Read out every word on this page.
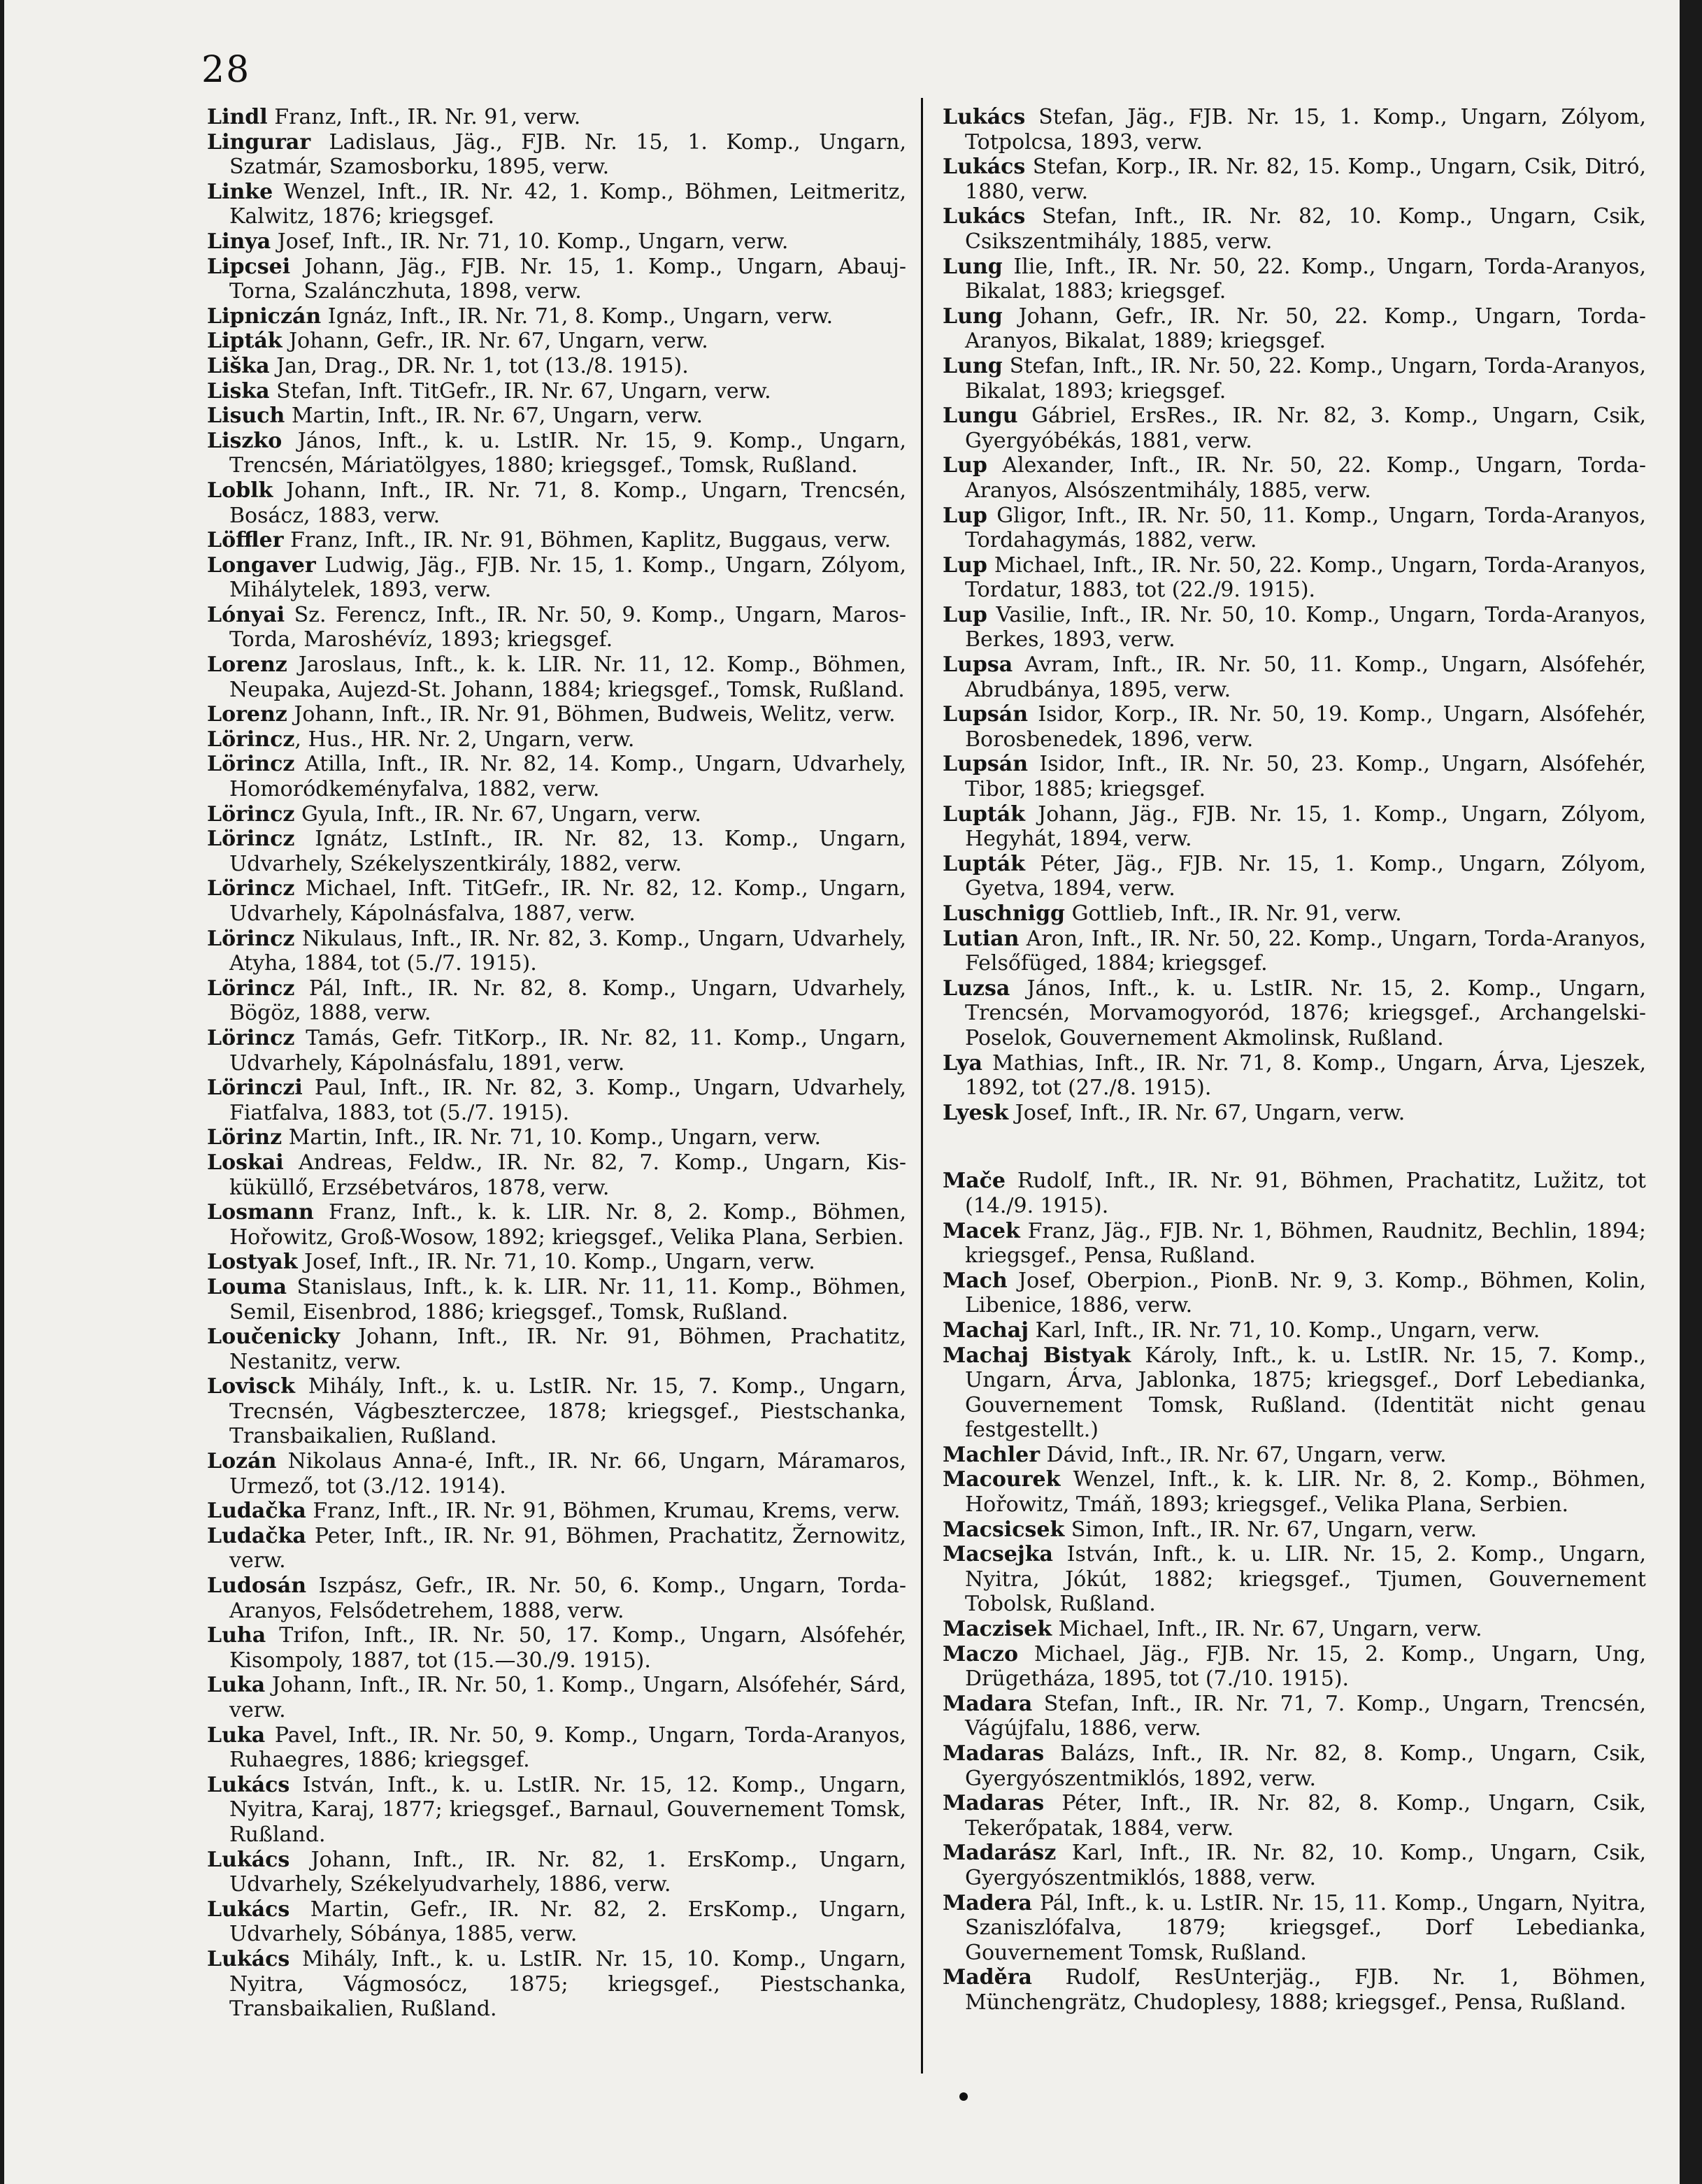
28

Lindl Franz, Inft., IR. Nr. 91, verw.

Lingurar Ladislaus, Jäg., FJB. Nr. 15, 1. Komp., Ungarn, Szatmár, Szamosborku, 1895, verw.

Linke Wenzel, Inft., IR. Nr. 42, 1. Komp., Böhmen, Leitmeritz, Kalwitz, 1876; kriegsgef.

Linya Josef, Inft., IR. Nr. 71, 10. Komp., Ungarn, verw.

Lipcsei Johann, Jäg., FJB. Nr. 15, 1. Komp., Ungarn, Abauj-Torna, Szalánczhuta, 1898, verw.

Lipniczán Ignáz, Inft., IR. Nr. 71, 8. Komp., Ungarn, verw.

Lipták Johann, Gefr., IR. Nr. 67, Ungarn, verw.

Liška Jan, Drag., DR. Nr. 1, tot (13./8. 1915).

Liska Stefan, Inft. TitGefr., IR. Nr. 67, Ungarn, verw.

Lisuch Martin, Inft., IR. Nr. 67, Ungarn, verw.

Liszko János, Inft., k. u. LstIR. Nr. 15, 9. Komp., Ungarn, Trencsén, Máriatölgyes, 1880; kriegsgef., Tomsk, Rußland.

Loblk Johann, Inft., IR. Nr. 71, 8. Komp., Ungarn, Trencsén, Bosácz, 1883, verw.

Löffler Franz, Inft., IR. Nr. 91, Böhmen, Kaplitz, Buggaus, verw.

Longaver Ludwig, Jäg., FJB. Nr. 15, 1. Komp., Ungarn, Zólyom, Mihálytelek, 1893, verw.

Lónyai Sz. Ferencz, Inft., IR. Nr. 50, 9. Komp., Ungarn, Maros-Torda, Maroshévíz, 1893; kriegsgef.

Lorenz Jaroslaus, Inft., k. k. LIR. Nr. 11, 12. Komp., Böhmen, Neupaka, Aujezd-St. Johann, 1884; kriegsgef., Tomsk, Rußland.

Lorenz Johann, Inft., IR. Nr. 91, Böhmen, Budweis, Welitz, verw.

Lörincz, Hus., HR. Nr. 2, Ungarn, verw.

Lörincz Atilla, Inft., IR. Nr. 82, 14. Komp., Ungarn, Udvarhely, Homoródkeményfalva, 1882, verw.

Lörincz Gyula, Inft., IR. Nr. 67, Ungarn, verw.

Lörincz Ignátz, LstInft., IR. Nr. 82, 13. Komp., Ungarn, Udvarhely, Székelyszentkirály, 1882, verw.

Lörincz Michael, Inft. TitGefr., IR. Nr. 82, 12. Komp., Ungarn, Udvarhely, Kápolnásfalva, 1887, verw.

Lörincz Nikulaus, Inft., IR. Nr. 82, 3. Komp., Ungarn, Udvarhely, Atyha, 1884, tot (5./7. 1915).

Lörincz Pál, Inft., IR. Nr. 82, 8. Komp., Ungarn, Udvarhely, Bögöz, 1888, verw.

Lörincz Tamás, Gefr. TitKorp., IR. Nr. 82, 11. Komp., Ungarn, Udvarhely, Kápolnásfalu, 1891, verw.

Lörinczi Paul, Inft., IR. Nr. 82, 3. Komp., Ungarn, Udvarhely, Fiatfalva, 1883, tot (5./7. 1915).

Lörinz Martin, Inft., IR. Nr. 71, 10. Komp., Ungarn, verw.

Loskai Andreas, Feldw., IR. Nr. 82, 7. Komp., Ungarn, Kis-küküllő, Erzsébetváros, 1878, verw.

Losmann Franz, Inft., k. k. LIR. Nr. 8, 2. Komp., Böhmen, Hořowitz, Groß-Wosow, 1892; kriegsgef., Velika Plana, Serbien.

Lostyak Josef, Inft., IR. Nr. 71, 10. Komp., Ungarn, verw.

Louma Stanislaus, Inft., k. k. LIR. Nr. 11, 11. Komp., Böhmen, Semil, Eisenbrod, 1886; kriegsgef., Tomsk, Rußland.

Loučenicky Johann, Inft., IR. Nr. 91, Böhmen, Prachatitz, Nestanitz, verw.

Lovisck Mihály, Inft., k. u. LstIR. Nr. 15, 7. Komp., Ungarn, Trecnsén, Vágbeszterczee, 1878; kriegsgef., Piestschanka, Transbaikalien, Rußland.

Lozán Nikolaus Anna-é, Inft., IR. Nr. 66, Ungarn, Máramaros, Urmező, tot (3./12. 1914).

Ludačka Franz, Inft., IR. Nr. 91, Böhmen, Krumau, Krems, verw.

Ludačka Peter, Inft., IR. Nr. 91, Böhmen, Prachatitz, Žernowitz, verw.

Ludosán Iszpász, Gefr., IR. Nr. 50, 6. Komp., Ungarn, Torda-Aranyos, Felsődetrehem, 1888, verw.

Luha Trifon, Inft., IR. Nr. 50, 17. Komp., Ungarn, Alsófehér, Kisompoly, 1887, tot (15.—30./9. 1915).

Luka Johann, Inft., IR. Nr. 50, 1. Komp., Ungarn, Alsófehér, Sárd, verw.

Luka Pavel, Inft., IR. Nr. 50, 9. Komp., Ungarn, Torda-Aranyos, Ruhaegres, 1886; kriegsgef.

Lukács István, Inft., k. u. LstIR. Nr. 15, 12. Komp., Ungarn, Nyitra, Karaj, 1877; kriegsgef., Barnaul, Gouvernement Tomsk, Rußland.

Lukács Johann, Inft., IR. Nr. 82, 1. ErsKomp., Ungarn, Udvarhely, Székelyudvarhely, 1886, verw.

Lukács Martin, Gefr., IR. Nr. 82, 2. ErsKomp., Ungarn, Udvarhely, Sóbánya, 1885, verw.

Lukács Mihály, Inft., k. u. LstIR. Nr. 15, 10. Komp., Ungarn, Nyitra, Vágmosócz, 1875; kriegsgef., Piestschanka, Transbaikalien, Rußland.

Lukács Stefan, Jäg., FJB. Nr. 15, 1. Komp., Ungarn, Zólyom, Totpolcsa, 1893, verw.

Lukács Stefan, Korp., IR. Nr. 82, 15. Komp., Ungarn, Csik, Ditró, 1880, verw.

Lukács Stefan, Inft., IR. Nr. 82, 10. Komp., Ungarn, Csik, Csikszentmihály, 1885, verw.

Lung Ilie, Inft., IR. Nr. 50, 22. Komp., Ungarn, Torda-Aranyos, Bikalat, 1883; kriegsgef.

Lung Johann, Gefr., IR. Nr. 50, 22. Komp., Ungarn, Torda-Aranyos, Bikalat, 1889; kriegsgef.

Lung Stefan, Inft., IR. Nr. 50, 22. Komp., Ungarn, Torda-Aranyos, Bikalat, 1893; kriegsgef.

Lungu Gábriel, ErsRes., IR. Nr. 82, 3. Komp., Ungarn, Csik, Gyergyóbékás, 1881, verw.

Lup Alexander, Inft., IR. Nr. 50, 22. Komp., Ungarn, Torda-Aranyos, Alsószentmihály, 1885, verw.

Lup Gligor, Inft., IR. Nr. 50, 11. Komp., Ungarn, Torda-Aranyos, Tordahagymás, 1882, verw.

Lup Michael, Inft., IR. Nr. 50, 22. Komp., Ungarn, Torda-Aranyos, Tordatur, 1883, tot (22./9. 1915).

Lup Vasilie, Inft., IR. Nr. 50, 10. Komp., Ungarn, Torda-Aranyos, Berkes, 1893, verw.

Lupsa Avram, Inft., IR. Nr. 50, 11. Komp., Ungarn, Alsófehér, Abrudbánya, 1895, verw.

Lupsán Isidor, Korp., IR. Nr. 50, 19. Komp., Ungarn, Alsófehér, Borosbenedek, 1896, verw.

Lupsán Isidor, Inft., IR. Nr. 50, 23. Komp., Ungarn, Alsófehér, Tibor, 1885; kriegsgef.

Lupták Johann, Jäg., FJB. Nr. 15, 1. Komp., Ungarn, Zólyom, Hegyhát, 1894, verw.

Lupták Péter, Jäg., FJB. Nr. 15, 1. Komp., Ungarn, Zólyom, Gyetva, 1894, verw.

Luschnigg Gottlieb, Inft., IR. Nr. 91, verw.

Lutian Aron, Inft., IR. Nr. 50, 22. Komp., Ungarn, Torda-Aranyos, Felsőfüged, 1884; kriegsgef.

Luzsa János, Inft., k. u. LstIR. Nr. 15, 2. Komp., Ungarn, Trencsén, Morvamogyoród, 1876; kriegsgef., Archangelski-Poselok, Gouvernement Akmolinsk, Rußland.

Lya Mathias, Inft., IR. Nr. 71, 8. Komp., Ungarn, Árva, Ljeszek, 1892, tot (27./8. 1915).

Lyesk Josef, Inft., IR. Nr. 67, Ungarn, verw.

Mače Rudolf, Inft., IR. Nr. 91, Böhmen, Prachatitz, Lužitz, tot (14./9. 1915).

Macek Franz, Jäg., FJB. Nr. 1, Böhmen, Raudnitz, Bechlin, 1894; kriegsgef., Pensa, Rußland.

Mach Josef, Oberpion., PionB. Nr. 9, 3. Komp., Böhmen, Kolin, Libenice, 1886, verw.

Machaj Karl, Inft., IR. Nr. 71, 10. Komp., Ungarn, verw.

Machaj Bistyak Károly, Inft., k. u. LstIR. Nr. 15, 7. Komp., Ungarn, Árva, Jablonka, 1875; kriegsgef., Dorf Lebedianka, Gouvernement Tomsk, Rußland. (Identität nicht genau festgestellt.)

Machler Dávid, Inft., IR. Nr. 67, Ungarn, verw.

Macourek Wenzel, Inft., k. k. LIR. Nr. 8, 2. Komp., Böhmen, Hořowitz, Tmáň, 1893; kriegsgef., Velika Plana, Serbien.

Macsicsek Simon, Inft., IR. Nr. 67, Ungarn, verw.

Macsejka István, Inft., k. u. LIR. Nr. 15, 2. Komp., Ungarn, Nyitra, Jókút, 1882; kriegsgef., Tjumen, Gouvernement Tobolsk, Rußland.

Maczisek Michael, Inft., IR. Nr. 67, Ungarn, verw.

Maczo Michael, Jäg., FJB. Nr. 15, 2. Komp., Ungarn, Ung, Drügetháza, 1895, tot (7./10. 1915).

Madara Stefan, Inft., IR. Nr. 71, 7. Komp., Ungarn, Trencsén, Vágújfalu, 1886, verw.

Madaras Balázs, Inft., IR. Nr. 82, 8. Komp., Ungarn, Csik, Gyergyószentmiklós, 1892, verw.

Madaras Péter, Inft., IR. Nr. 82, 8. Komp., Ungarn, Csik, Tekerőpatak, 1884, verw.

Madarász Karl, Inft., IR. Nr. 82, 10. Komp., Ungarn, Csik, Gyergyószentmiklós, 1888, verw.

Madera Pál, Inft., k. u. LstIR. Nr. 15, 11. Komp., Ungarn, Nyitra, Szaniszlófalva, 1879; kriegsgef., Dorf Lebedianka, Gouvernement Tomsk, Rußland.

Maděra Rudolf, ResUnterjäg., FJB. Nr. 1, Böhmen, Münchengrätz, Chudoplesy, 1888; kriegsgef., Pensa, Rußland.
